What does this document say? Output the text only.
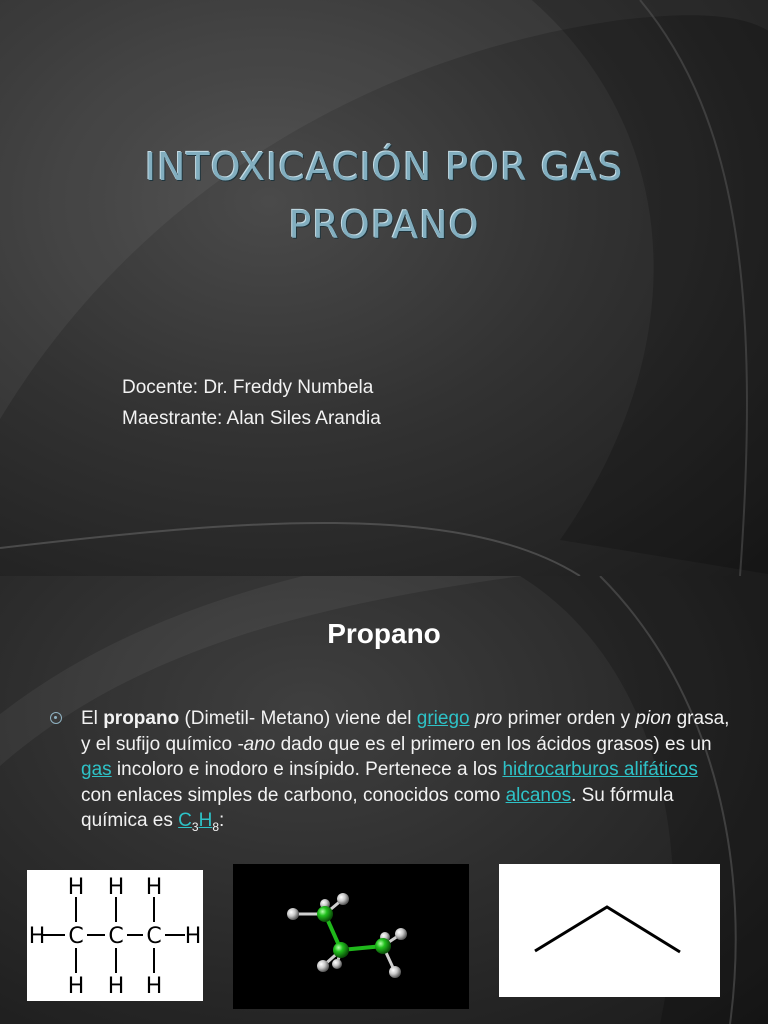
INTOXICACIÓN POR GAS
PROPANO
Docente: Dr. Freddy Numbela
Maestrante: Alan Siles Arandia
Propano
El propano (Dimetil- Metano) viene del griego pro primer orden y pion grasa, y el sufijo químico -ano dado que es el primero en los ácidos grasos) es un gas incoloro e inodoro e insípido. Pertenece a los hidrocarburos alifáticos con enlaces simples de carbono, conocidos como alcanos. Su fórmula química es $C_3H_8$:
H H H
H C C C H
H H H
